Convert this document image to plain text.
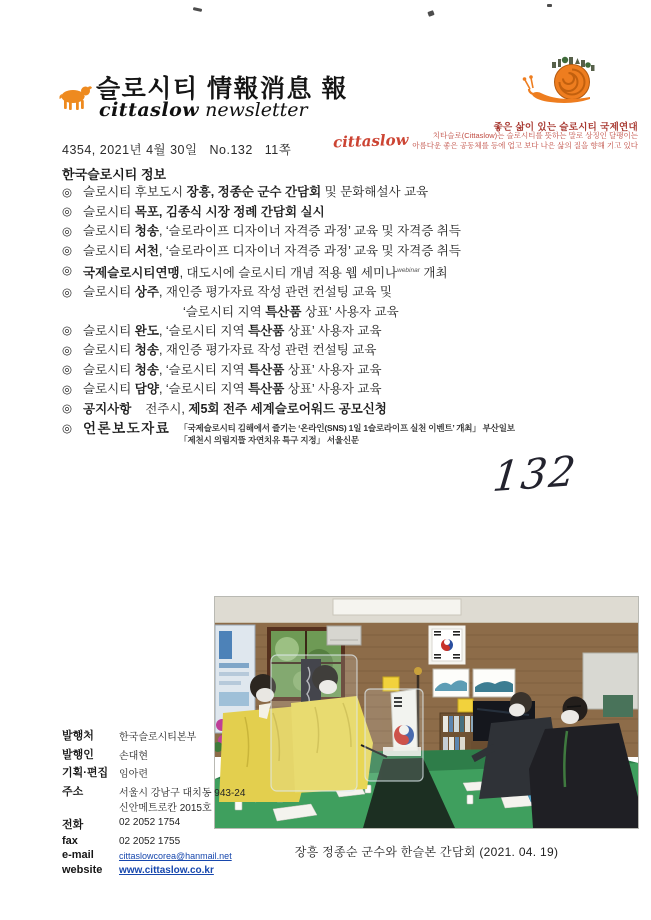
슬로시티 情報消息 報
cittaslow newsletter
좋은 삶이 있는 슬로시티 국제연대
cittaslow	치타슬로(Cittaslow)는 슬로시티를 뜻하는 말로 상징인 달팽이는
아름다운 좋은 공동체를 등에 업고 보다 나은 삶의 질을 향해 기고 있다
4354, 2021년 4월 30일   No.132   11쪽
한국슬로시티 정보
◎ 슬로시티 후보도시 장흥, 정종순 군수 간담회 및 문화해설사 교육
◎ 슬로시티 목포, 김종식 시장 정례 간담회 실시
◎ 슬로시티 청송, ‘슬로라이프 디자이너 자격증 과정’ 교육 및 자격증 취득
◎ 슬로시티 서천, ‘슬로라이프 디자이너 자격증 과정’ 교육 및 자격증 취득
◎ 국제슬로시티연맹, 대도시에 슬로시티 개념 적용 웹 세미나$^{webinar}$ 개최
◎ 슬로시티 상주, 재인증 평가자료 작성 관련 컨설팅 교육 및
‘슬로시티 지역 특산품 상표’ 사용자 교육
◎ 슬로시티 완도, ‘슬로시티 지역 특산품 상표’ 사용자 교육
◎ 슬로시티 청송, 재인증 평가자료 작성 관련 컨설팅 교육
◎ 슬로시티 청송, ‘슬로시티 지역 특산품 상표’ 사용자 교육
◎ 슬로시티 담양, ‘슬로시티 지역 특산품 상표’ 사용자 교육
◎ 공지사항    전주시, 제5회 전주 세계슬로어워드 공모신청
◎ 언론보도자료 「국제슬로시티 김해에서 즐기는 ‘온라인(SNS) 1일 1슬로라이프 실천 이벤트’ 개최」 부산일보
「제천시 의림지뜰 자연치유 특구 지정」 서울신문
132
장흥 정종순 군수와 한슬본 간담회 (2021. 04. 19)
발행처	한국슬로시티본부
발행인	손대현
기획·편집	임아련
주소	서울시 강남구 대치동 943-24
신안메트로칸 2015호
전화	02 2052 1754
fax	02 2052 1755
e-mail	cittaslowcorea@hanmail.net
website	www.cittaslow.co.kr
